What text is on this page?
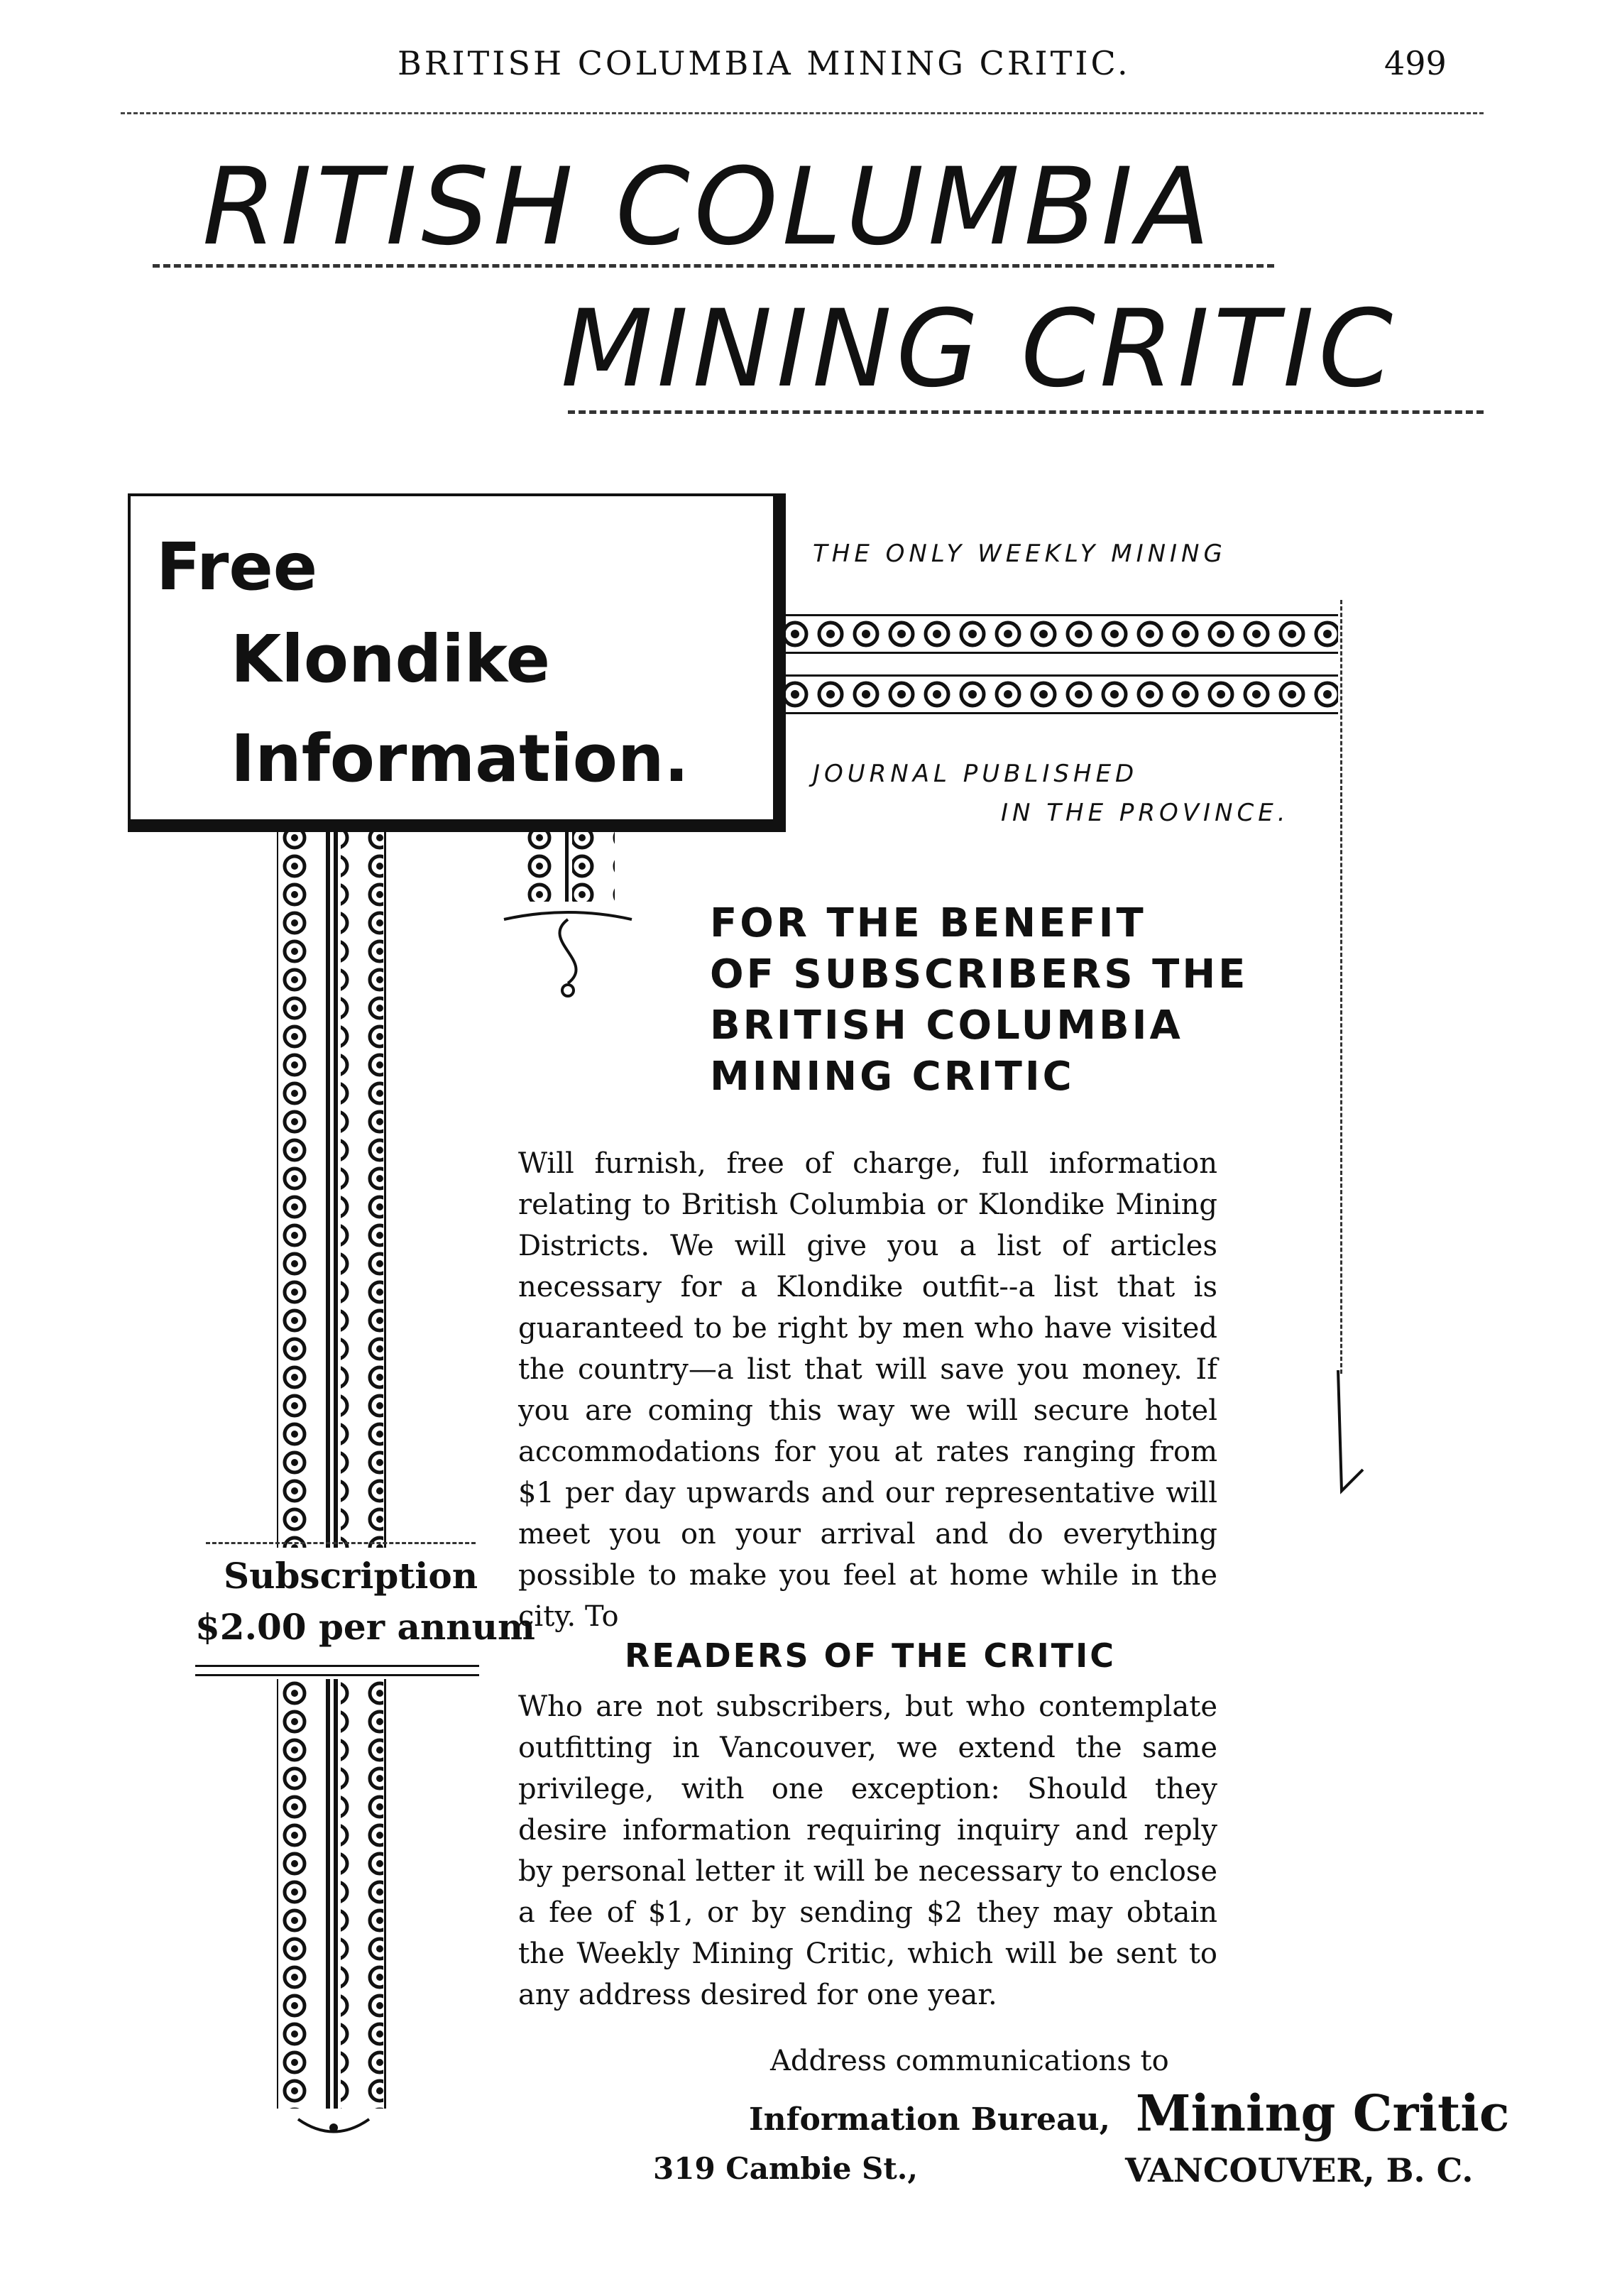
BRITISH COLUMBIA MINING CRITIC.	499
RITISH COLUMBIA
MINING CRITIC
Subscription
$2.00 per annum
Free
Klondike
Information.
THE ONLY WEEKLY MINING
JOURNAL PUBLISHED
IN THE PROVINCE.
FOR THE BENEFIT
OF SUBSCRIBERS THE
BRITISH COLUMBIA
MINING CRITIC
Will furnish, free of charge, full information relating to British Columbia or Klondike Mining Districts. We will give you a list of articles necessary for a Klondike outfit--a list that is guaranteed to be right by men who have visited the country—a list that will save you money. If you are coming this way we will secure hotel accommodations for you at rates ranging from $1 per day upwards and our representative will meet you on your arrival and do everything possible to make you feel at home while in the city. To
READERS OF THE CRITIC
Who are not subscribers, but who contemplate outfitting in Vancouver, we extend the same privilege, with one exception: Should they desire information requiring inquiry and reply by personal letter it will be necessary to enclose a fee of $1, or by sending $2 they may obtain the Weekly Mining Critic, which will be sent to any address desired for one year.
Address communications to
Information Bureau, Mining Critic
319 Cambie St.,	VANCOUVER, B. C.
